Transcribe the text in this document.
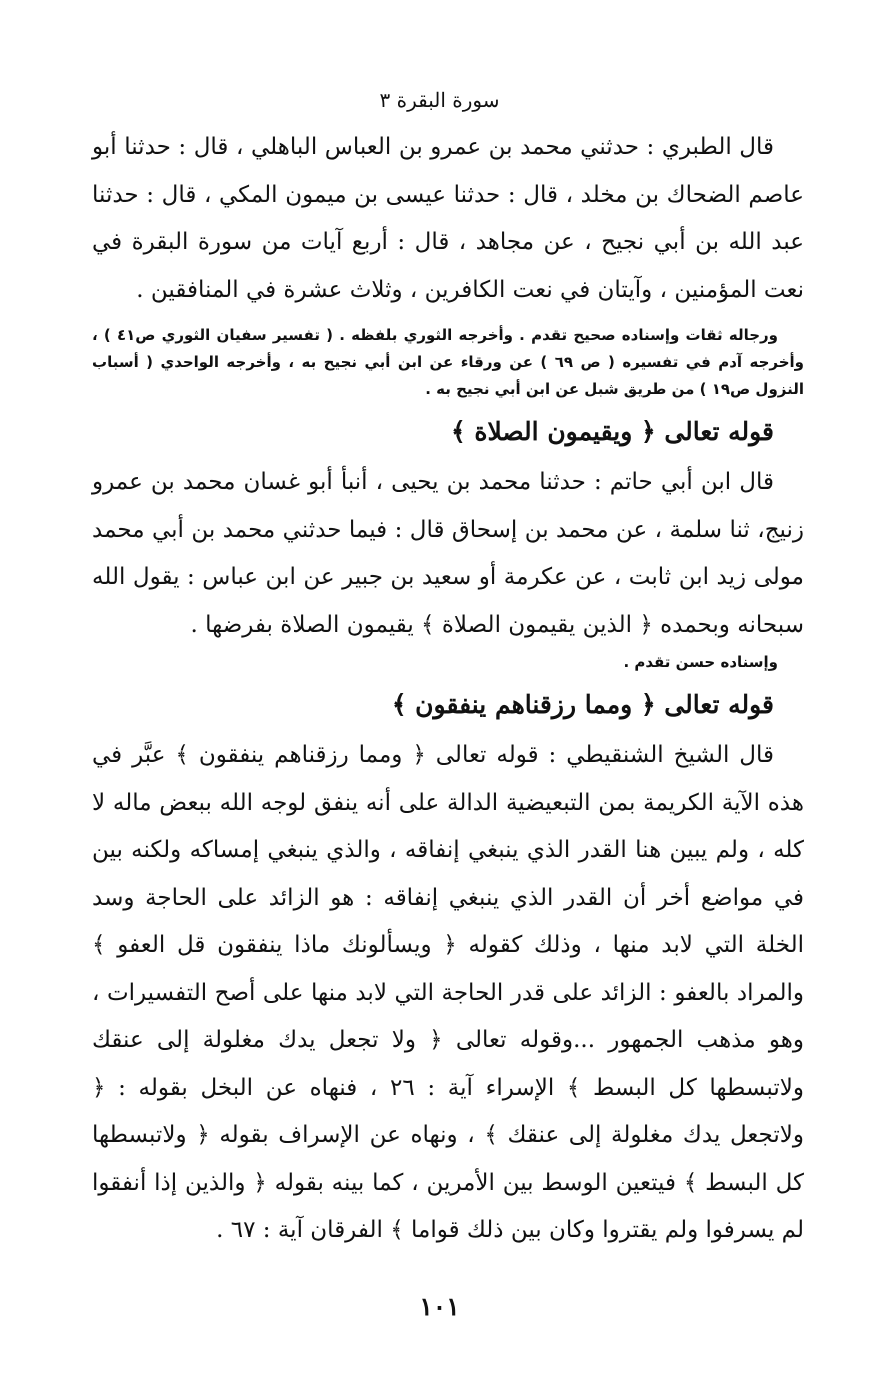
سورة البقرة ٣

قال الطبري : حدثني محمد بن عمرو بن العباس الباهلي ، قال : حدثنا أبو عاصم الضحاك بن مخلد ، قال : حدثنا عيسى بن ميمون المكي ، قال : حدثنا عبد الله بن أبي نجيح ، عن مجاهد ، قال : أربع آيات من سورة البقرة في نعت المؤمنين ، وآيتان في نعت الكافرين ، وثلاث عشرة في المنافقين .

ورجاله ثقات وإسناده صحيح تقدم . وأخرجه الثوري بلفظه . ( تفسير سفيان الثوري ص٤١ ) ، وأخرجه آدم في تفسيره ( ص ٦٩ ) عن ورقاء عن ابن أبي نجيح به ، وأخرجه الواحدي ( أسباب النزول ص١٩ ) من طريق شبل عن ابن أبي نجيح به .

قوله تعالى ﴿ ويقيمون الصلاة ﴾

قال ابن أبي حاتم : حدثنا محمد بن يحيى ، أنبأ أبو غسان محمد بن عمرو زنيج، ثنا سلمة ، عن محمد بن إسحاق قال : فيما حدثني محمد بن أبي محمد مولى زيد ابن ثابت ، عن عكرمة أو سعيد بن جبير عن ابن عباس : يقول الله سبحانه وبحمده ﴿ الذين يقيمون الصلاة ﴾ يقيمون الصلاة بفرضها .

وإسناده حسن تقدم .

قوله تعالى ﴿ ومما رزقناهم ينفقون ﴾

قال الشيخ الشنقيطي : قوله تعالى ﴿ ومما رزقناهم ينفقون ﴾ عبَّر في هذه الآية الكريمة بمن التبعيضية الدالة على أنه ينفق لوجه الله ببعض ماله لا كله ، ولم يبين هنا القدر الذي ينبغي إنفاقه ، والذي ينبغي إمساكه ولكنه بين في مواضع أخر أن القدر الذي ينبغي إنفاقه : هو الزائد على الحاجة وسد الخلة التي لابد منها ، وذلك كقوله ﴿ ويسألونك ماذا ينفقون قل العفو ﴾ والمراد بالعفو : الزائد على قدر الحاجة التي لابد منها على أصح التفسيرات ، وهو مذهب الجمهور ...وقوله تعالى ﴿ ولا تجعل يدك مغلولة إلى عنقك ولاتبسطها كل البسط ﴾ الإسراء آية : ٢٦ ، فنهاه عن البخل بقوله : ﴿ ولاتجعل يدك مغلولة إلى عنقك ﴾ ، ونهاه عن الإسراف بقوله ﴿ ولاتبسطها كل البسط ﴾ فيتعين الوسط بين الأمرين ، كما بينه بقوله ﴿ والذين إذا أنفقوا لم يسرفوا ولم يقتروا وكان بين ذلك قواما ﴾ الفرقان آية : ٦٧ .

١٠١
